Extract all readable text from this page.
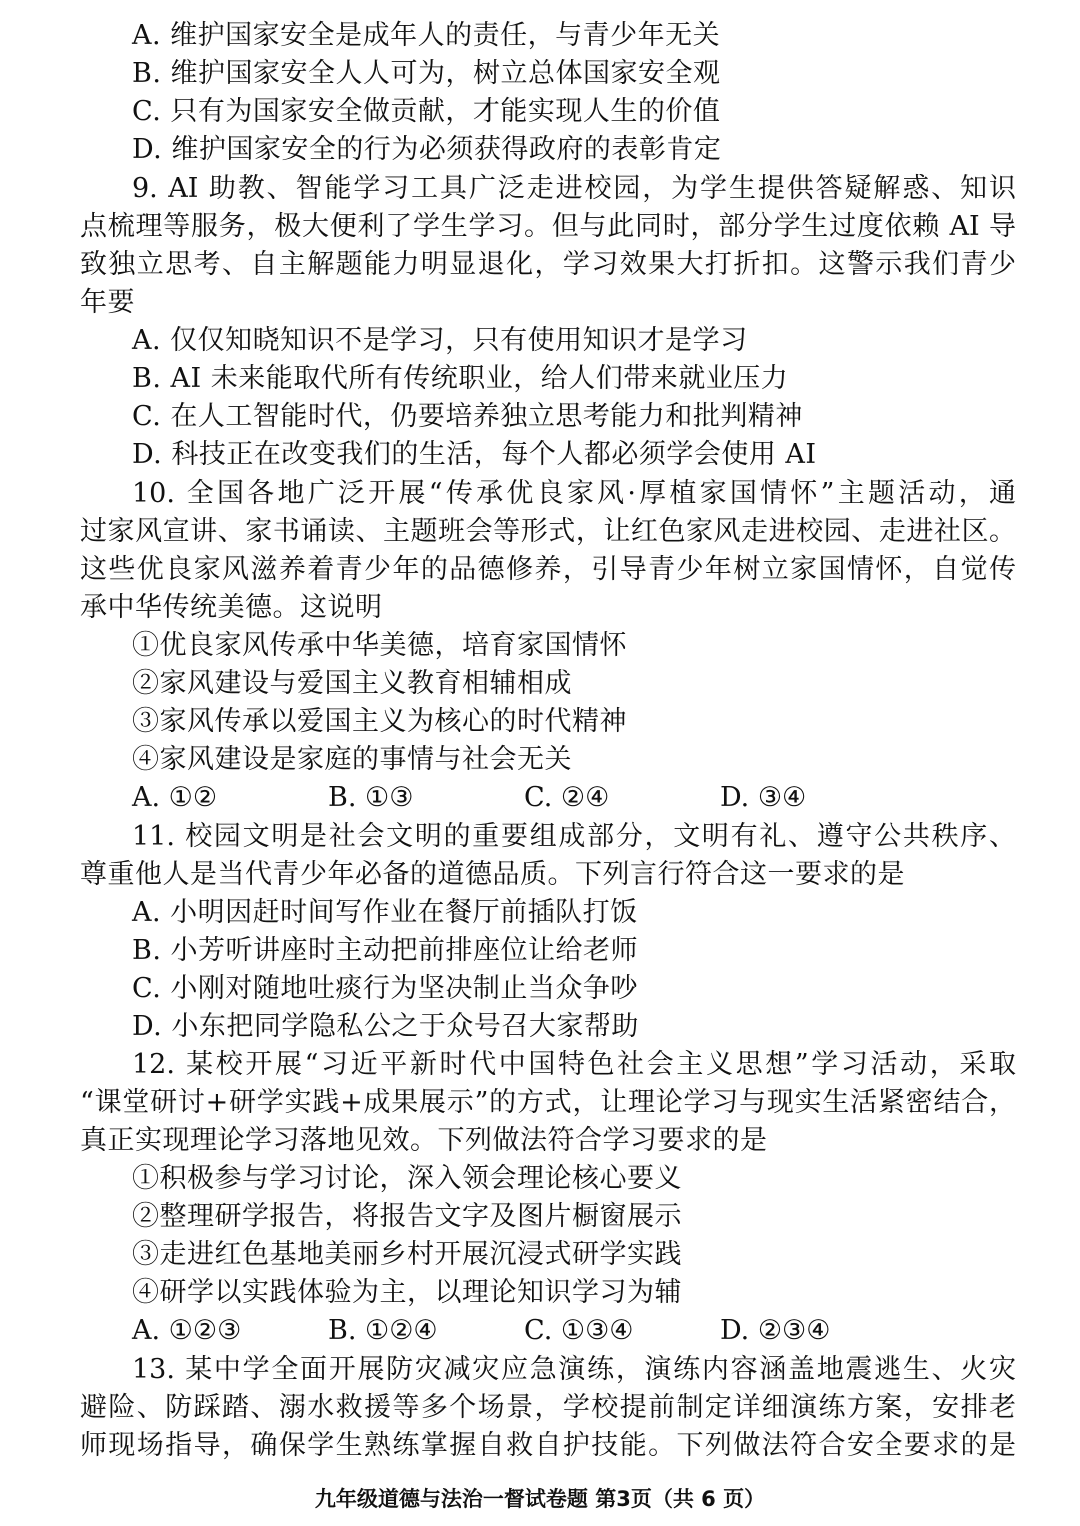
A. 维护国家安全是成年人的责任，与青少年无关
B. 维护国家安全人人可为，树立总体国家安全观
C. 只有为国家安全做贡献，才能实现人生的价值
D. 维护国家安全的行为必须获得政府的表彰肯定
9. AI 助教、智能学习工具广泛走进校园，为学生提供答疑解惑、知识
点梳理等服务，极大便利了学生学习。但与此同时，部分学生过度依赖 AI 导
致独立思考、自主解题能力明显退化，学习效果大打折扣。这警示我们青少
年要
A. 仅仅知晓知识不是学习，只有使用知识才是学习
B. AI 未来能取代所有传统职业，给人们带来就业压力
C. 在人工智能时代，仍要培养独立思考能力和批判精神
D. 科技正在改变我们的生活，每个人都必须学会使用 AI
10. 全国各地广泛开展“传承优良家风·厚植家国情怀”主题活动，通
过家风宣讲、家书诵读、主题班会等形式，让红色家风走进校园、走进社区。
这些优良家风滋养着青少年的品德修养，引导青少年树立家国情怀，自觉传
承中华传统美德。这说明
①优良家风传承中华美德，培育家国情怀
②家风建设与爱国主义教育相辅相成
③家风传承以爱国主义为核心的时代精神
④家风建设是家庭的事情与社会无关
A. ①②	B. ①③	C. ②④	D. ③④
11. 校园文明是社会文明的重要组成部分，文明有礼、遵守公共秩序、
尊重他人是当代青少年必备的道德品质。下列言行符合这一要求的是
A. 小明因赶时间写作业在餐厅前插队打饭
B. 小芳听讲座时主动把前排座位让给老师
C. 小刚对随地吐痰行为坚决制止当众争吵
D. 小东把同学隐私公之于众号召大家帮助
12. 某校开展“习近平新时代中国特色社会主义思想”学习活动，采取
“课堂研讨+研学实践+成果展示”的方式，让理论学习与现实生活紧密结合，
真正实现理论学习落地见效。下列做法符合学习要求的是
①积极参与学习讨论，深入领会理论核心要义
②整理研学报告，将报告文字及图片橱窗展示
③走进红色基地美丽乡村开展沉浸式研学实践
④研学以实践体验为主，以理论知识学习为辅
A. ①②③	B. ①②④	C. ①③④	D. ②③④
13. 某中学全面开展防灾减灾应急演练，演练内容涵盖地震逃生、火灾
避险、防踩踏、溺水救援等多个场景，学校提前制定详细演练方案，安排老
师现场指导，确保学生熟练掌握自救自护技能。下列做法符合安全要求的是
九年级道德与法治一督试卷题 第3页（共 6 页）
